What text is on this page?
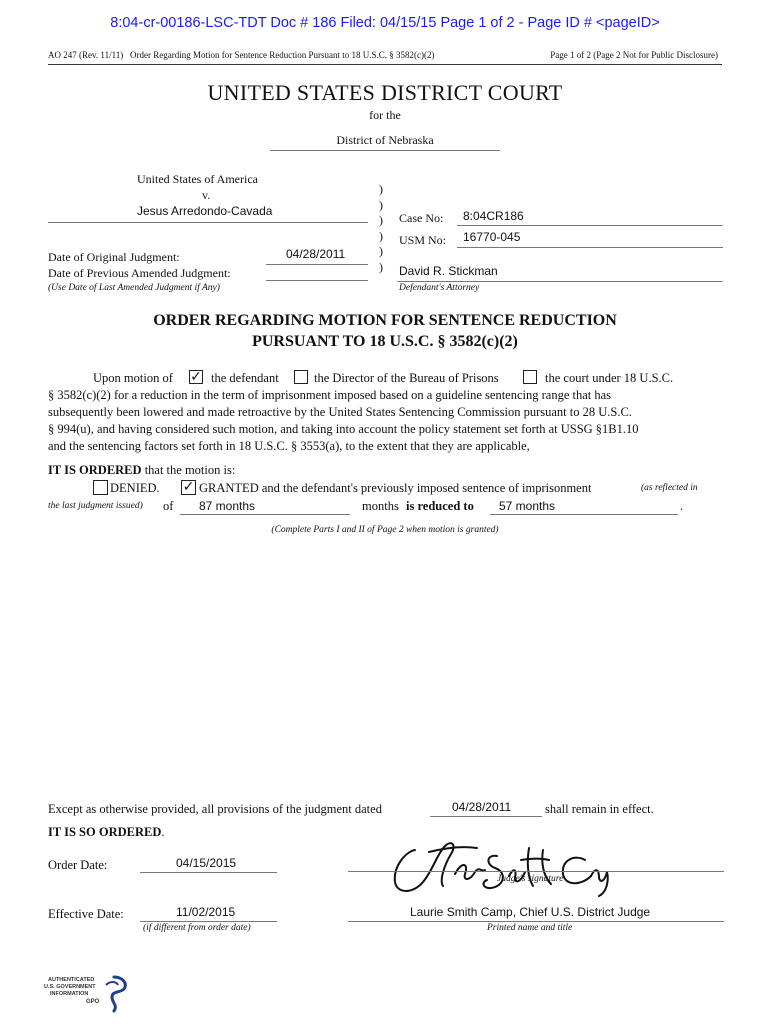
8:04-cr-00186-LSC-TDT Doc # 186 Filed: 04/15/15 Page 1 of 2 - Page ID # <pageID>
AO 247 (Rev. 11/11) Order Regarding Motion for Sentence Reduction Pursuant to 18 U.S.C. § 3582(c)(2)	Page 1 of 2 (Page 2 Not for Public Disclosure)
UNITED STATES DISTRICT COURT
for the
District of Nebraska
United States of America
v.
Jesus Arredondo-Cavada
)
)
)
)
)
)
Case No: 8:04CR186
USM No: 16770-045
Date of Original Judgment:	04/28/2011
Date of Previous Amended Judgment:
(Use Date of Last Amended Judgment if Any)
David R. Stickman
Defendant's Attorney
ORDER REGARDING MOTION FOR SENTENCE REDUCTION
PURSUANT TO 18 U.S.C. § 3582(c)(2)
Upon motion of ✓ the defendant	the Director of the Bureau of Prisons	the court under 18 U.S.C.
§ 3582(c)(2) for a reduction in the term of imprisonment imposed based on a guideline sentencing range that has
subsequently been lowered and made retroactive by the United States Sentencing Commission pursuant to 28 U.S.C.
§ 994(u), and having considered such motion, and taking into account the policy statement set forth at USSG §1B1.10
and the sentencing factors set forth in 18 U.S.C. § 3553(a), to the extent that they are applicable,
IT IS ORDERED that the motion is:
DENIED. ✓ GRANTED and the defendant's previously imposed sentence of imprisonment	(as reflected in
the last judgment issued) of 87 months	months is reduced to 57 months	.
(Complete Parts I and II of Page 2 when motion is granted)
Except as otherwise provided, all provisions of the judgment dated	04/28/2011	shall remain in effect.
IT IS SO ORDERED.
Order Date:	04/15/2015
Judge's signature
Effective Date:	11/02/2015
(if different from order date)
Laurie Smith Camp, Chief U.S. District Judge
Printed name and title
AUTHENTICATED
U.S. GOVERNMENT
INFORMATION
GPO
